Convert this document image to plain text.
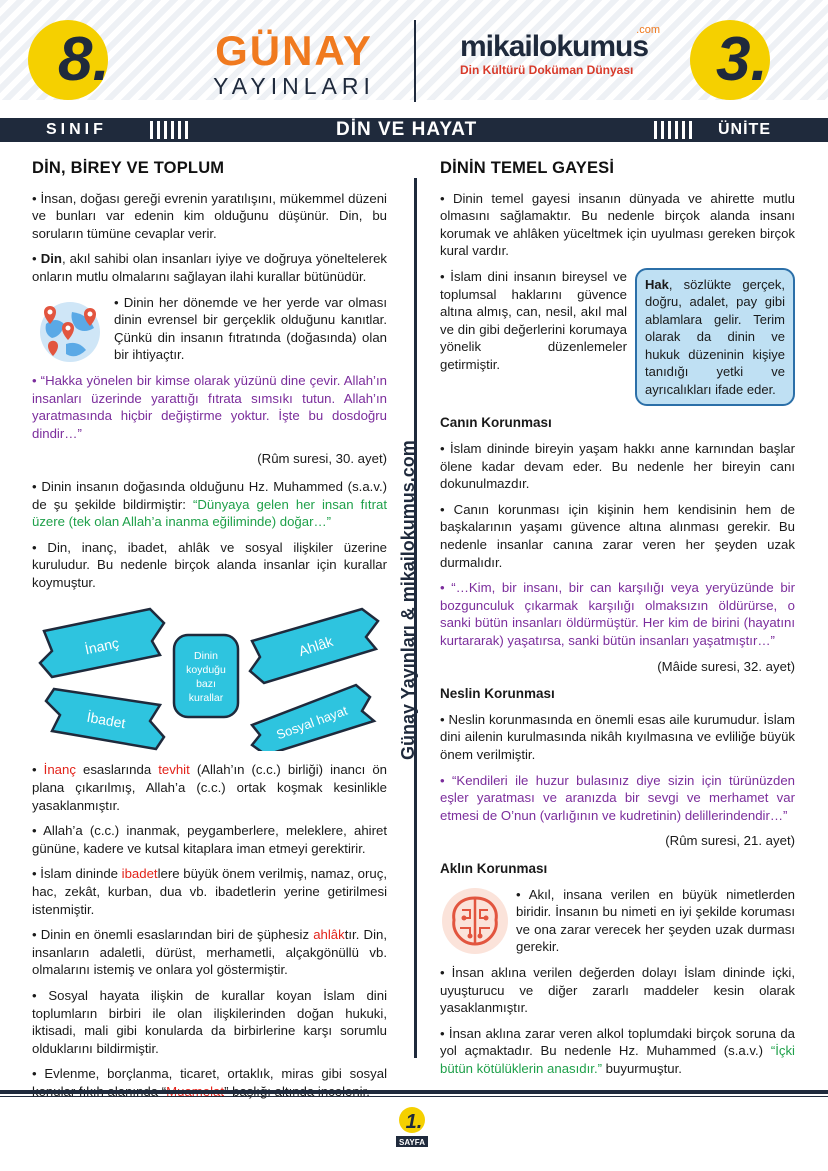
8.	3.
GÜNAY
YAYINLARI
.com
mikailokumus
Din Kültürü Doküman Dünyası
SINIF	DİN VE HAYAT	ÜNİTE
Günay Yayınları & mikailokumus.com
DİN, BİREY VE TOPLUM

• İnsan, doğası gereği evrenin yaratılışını, mükemmel düzeni ve bunları var edenin kim olduğunu düşünür. Din, bu soruların tümüne cevaplar verir.

• Din, akıl sahibi olan insanları iyiye ve doğruya yöneltelerek onların mutlu olmalarını sağlayan ilahi kurallar bütünüdür.

• Dinin her dönemde ve her yerde var olması dinin evrensel bir gerçeklik olduğunu kanıtlar. Çünkü din insanın fıtratında (doğasında) olan bir ihtiyaçtır.

• “Hakka yönelen bir kimse olarak yüzünü dine çevir. Allah’ın insanları üzerinde yarattığı fıtrata sımsıkı tutun. Allah’ın yaratmasında hiçbir değiştirme yoktur. İşte bu dosdoğru dindir…”

(Rûm suresi, 30. ayet)

• Dinin insanın doğasında olduğunu Hz. Muhammed (s.a.v.) de şu şekilde bildirmiştir: “Dünyaya gelen her insan fıtrat üzere (tek olan Allah’a inanma eğiliminde) doğar…”

• Din, inanç, ibadet, ahlâk ve sosyal ilişkiler üzerine kuruludur. Bu nedenle birçok alanda insanlar için kurallar koymuştur.

İnanç
İbadet
Ahlâk
Sosyal hayat
Dinin
koyduğu
bazı
kurallar

• İnanç esaslarında tevhit (Allah’ın (c.c.) birliği) inancı ön plana çıkarılmış, Allah’a (c.c.) ortak koşmak kesinlikle yasaklanmıştır.

• Allah’a (c.c.) inanmak, peygamberlere, meleklere, ahiret gününe, kadere ve kutsal kitaplara iman etmeyi gerektirir.

• İslam dininde ibadetlere büyük önem verilmiş, namaz, oruç, hac, zekât, kurban, dua vb. ibadetlerin yerine getirilmesi istenmiştir.

• Dinin en önemli esaslarından biri de şüphesiz ahlâktır. Din, insanların adaletli, dürüst, merhametli, alçakgönüllü vb. olmalarını istemiş ve onlara yol göstermiştir.

• Sosyal hayata ilişkin de kurallar koyan İslam dini toplumların birbiri ile olan ilişkilerinden doğan hukuki, iktisadi, mali gibi konularda da birbirlerine karşı sorumlu olduklarını bildirmiştir.

• Evlenme, borçlanma, ticaret, ortaklık, miras gibi sosyal

DİNİN TEMEL GAYESİ

• Dinin temel gayesi insanın dünyada ve ahirette mutlu olmasını sağlamaktır. Bu nedenle birçok alanda insanı korumak ve ahlâken yüceltmek için uyulması gereken birçok kural vardır.

• İslam dini insanın bireysel ve toplumsal haklarını güvence altına almış, can, nesil, akıl mal ve din gibi değerlerini korumaya yönelik düzenlemeler getirmiştir.

Hak, sözlükte gerçek, doğru, adalet, pay gibi ablamlara gelir. Terim olarak da dinin ve hukuk düzeninin kişiye tanıdığı yetki ve ayrıcalıkları ifade eder.
Canın Korunması

• İslam dininde bireyin yaşam hakkı anne karnından başlar ölene kadar devam eder. Bu nedenle her bireyin canı dokunulmazdır.

• Canın korunması için kişinin hem kendisinin hem de başkalarının yaşamı güvence altına alınması gerekir. Bu nedenle insanlar canına zarar veren her şeyden uzak durmalıdır.

• “…Kim, bir insanı, bir can karşılığı veya yeryüzünde bir bozgunculuk çıkarmak karşılığı olmaksızın öldürürse, o sanki bütün insanları öldürmüştür. Her kim de birini (hayatını kurtararak) yaşatırsa, sanki bütün insanları yaşatmıştır…”

(Mâide suresi, 32. ayet)

Neslin Korunması

• Neslin korunmasında en önemli esas aile kurumudur. İslam dini ailenin kurulmasında nikâh kıyılmasına ve evliliğe büyük önem verilmiştir.

• “Kendileri ile huzur bulasınız diye sizin için türünüzden eşler yaratması ve aranızda bir sevgi ve merhamet var etmesi de O’nun (varlığının ve kudretinin) delillerindendir…”

(Rûm suresi, 21. ayet)

Aklın Korunması

• Akıl, insana verilen en büyük nimetlerden biridir. İnsanın bu nimeti en iyi şekilde koruması ve ona zarar verecek her şeyden uzak durması gerekir.

• İnsan aklına verilen değerden dolayı İslam dininde içki, uyuşturucu ve diğer zararlı maddeler kesin olarak yasaklanmıştır.

• İnsan aklına zarar veren alkol toplumdaki birçok soruna da yol açmaktadır. Bu nedenle Hz. Muhammed (s.a.v.) “İçki bütün kötülüklerin anasıdır.” buyurmuştur.

1.
SAYFA
